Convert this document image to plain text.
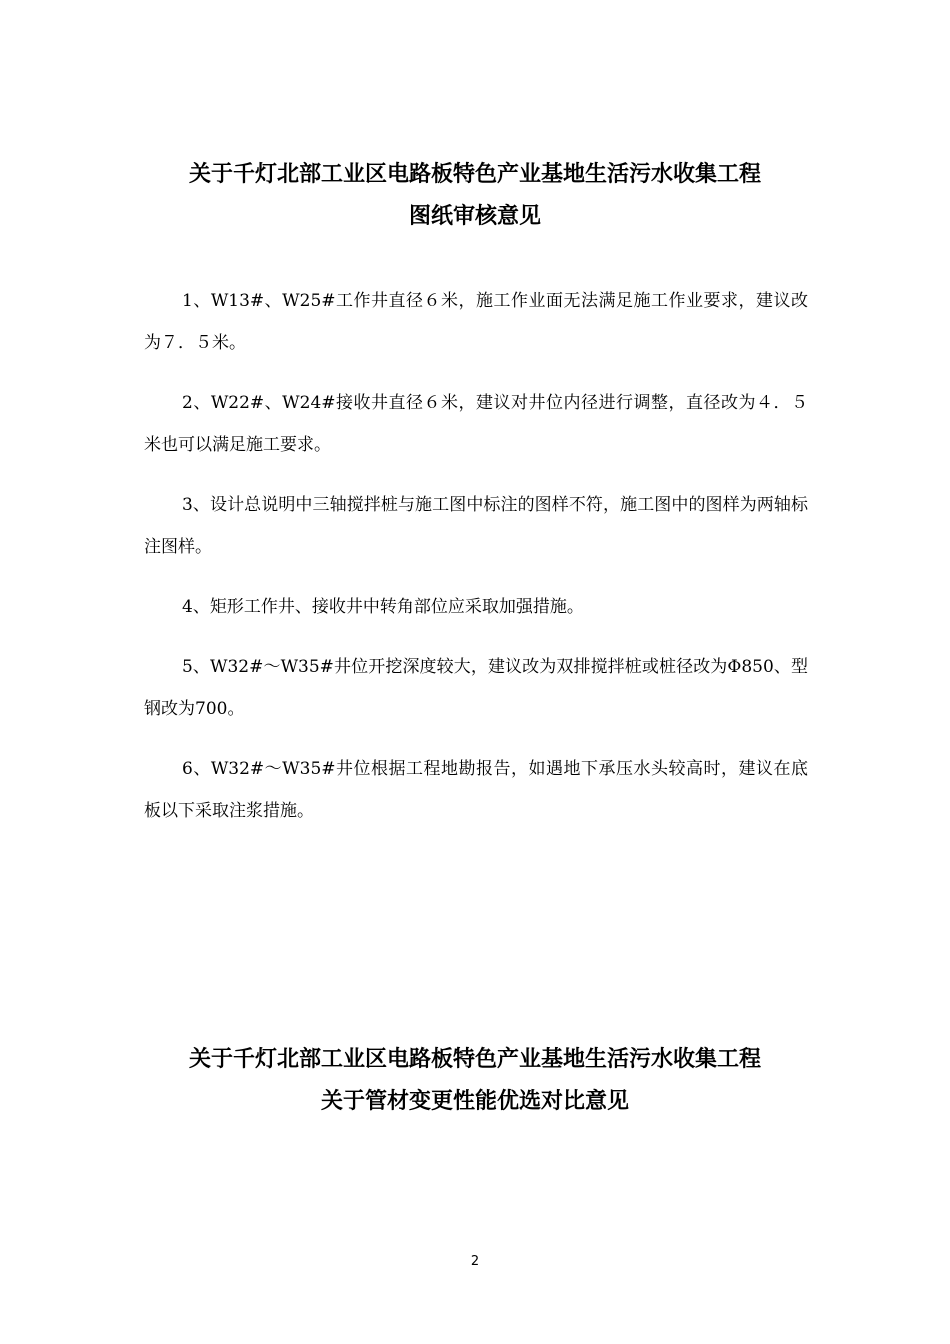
关于千灯北部工业区电路板特色产业基地生活污水收集工程
图纸审核意见

1、W13#、W25#工作井直径６米，施工作业面无法满足施工作业要求，建议改为７．５米。

2、W22#、W24#接收井直径６米，建议对井位内径进行调整，直径改为４．５米也可以满足施工要求。

3、设计总说明中三轴搅拌桩与施工图中标注的图样不符，施工图中的图样为两轴标注图样。

4、矩形工作井、接收井中转角部位应采取加强措施。

5、W32#～W35#井位开挖深度较大，建议改为双排搅拌桩或桩径改为Φ850、型钢改为700。

6、W32#～W35#井位根据工程地勘报告，如遇地下承压水头较高时，建议在底板以下采取注浆措施。

关于千灯北部工业区电路板特色产业基地生活污水收集工程
关于管材变更性能优选对比意见
2
